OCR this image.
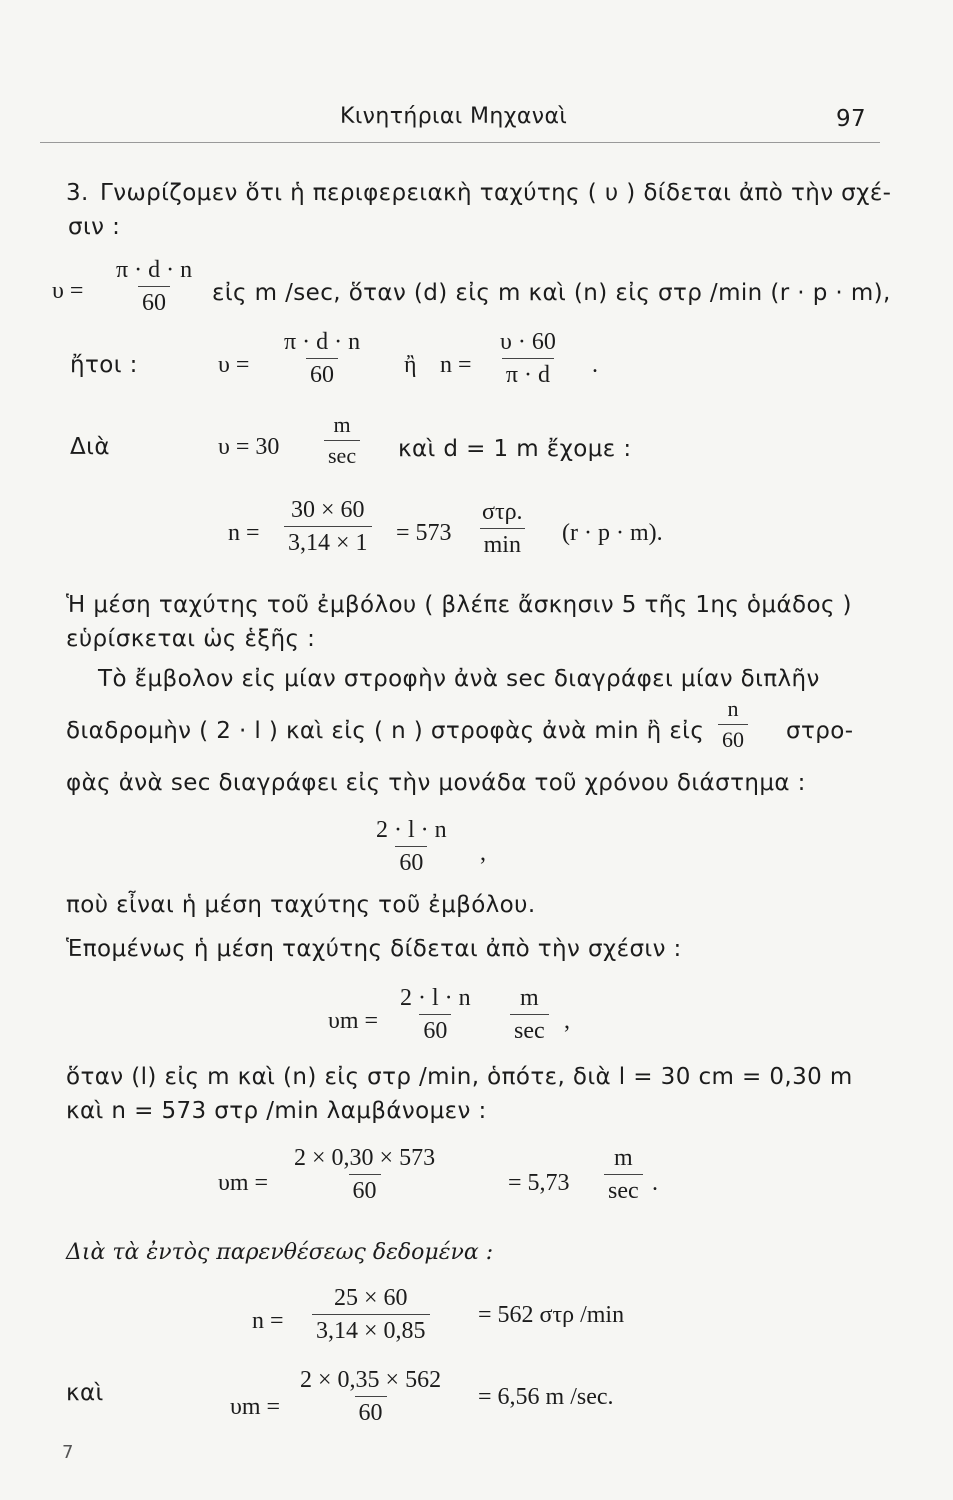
Κινητήριαι Μηχαναὶ	97
3. Γνωρίζομεν ὅτι ἡ περιφερειακὴ ταχύτης ( υ ) δίδεται ἀπὸ τὴν σχέ-
σιν :
$\upsilon = \frac{\pi \cdot d \cdot n}{60}$ εἰς m /sec, ὅταν (d) εἰς m καὶ (n) εἰς στρ /min (r · p · m),
ἤτοι :	$\upsilon = \frac{\pi \cdot d \cdot n}{60}$ ἢ $n = \frac{\upsilon \cdot 60}{\pi \cdot d}$ .
Διὰ	υ = 30
m
sec καὶ d = 1 m ἔχομε :
$n = \frac{30 \times 60}{3,14 \times 1} = 573$
στρ.
min (r · p · m).
Ἡ μέση ταχύτης τοῦ ἐμβόλου ( βλέπε ἄσκησιν 5 τῆς 1ης ὁμάδος )
εὑρίσκεται ὡς ἑξῆς :
Τὸ ἔμβολον εἰς μίαν στροφὴν ἀνὰ sec διαγράφει μίαν διπλῆν
διαδρομὴν ( 2 · l ) καὶ εἰς ( n ) στροφὰς ἀνὰ min ἢ εἰς $\frac{n}{60} \sigma\tau\rho o-$
φὰς ἀνὰ sec διαγράφει εἰς τὴν μονάδα τοῦ χρόνου διάστημα :
$\frac{2 \cdot l \cdot n}{60}$ ,
ποὺ εἶναι ἡ μέση ταχύτης τοῦ ἐμβόλου.
Ἑπομένως ἡ μέση ταχύτης δίδεται ἀπὸ τὴν σχέσιν :
$\upsilon m = \frac{2 \cdot l \cdot n}{60}$ m
sec ,
ὅταν (l) εἰς m καὶ (n) εἰς στρ /min, ὁπότε, διὰ l = 30 cm = 0,30 m
καὶ n = 573 στρ /min λαμβάνομεν :
$\upsilon m = \frac{2 \times 0,30 \times 573}{60}$	= 5,73
m
sec .
Διὰ τὰ ἐντὸς παρενθέσεως δεδομένα :
$n = \frac{25 \times 60}{3,14 \times 0,85} = 562$ στρ /min
καὶ
$\upsilon m = \frac{2 \times 0,35 \times 562}{60} = 6,56$ m /sec.
7
